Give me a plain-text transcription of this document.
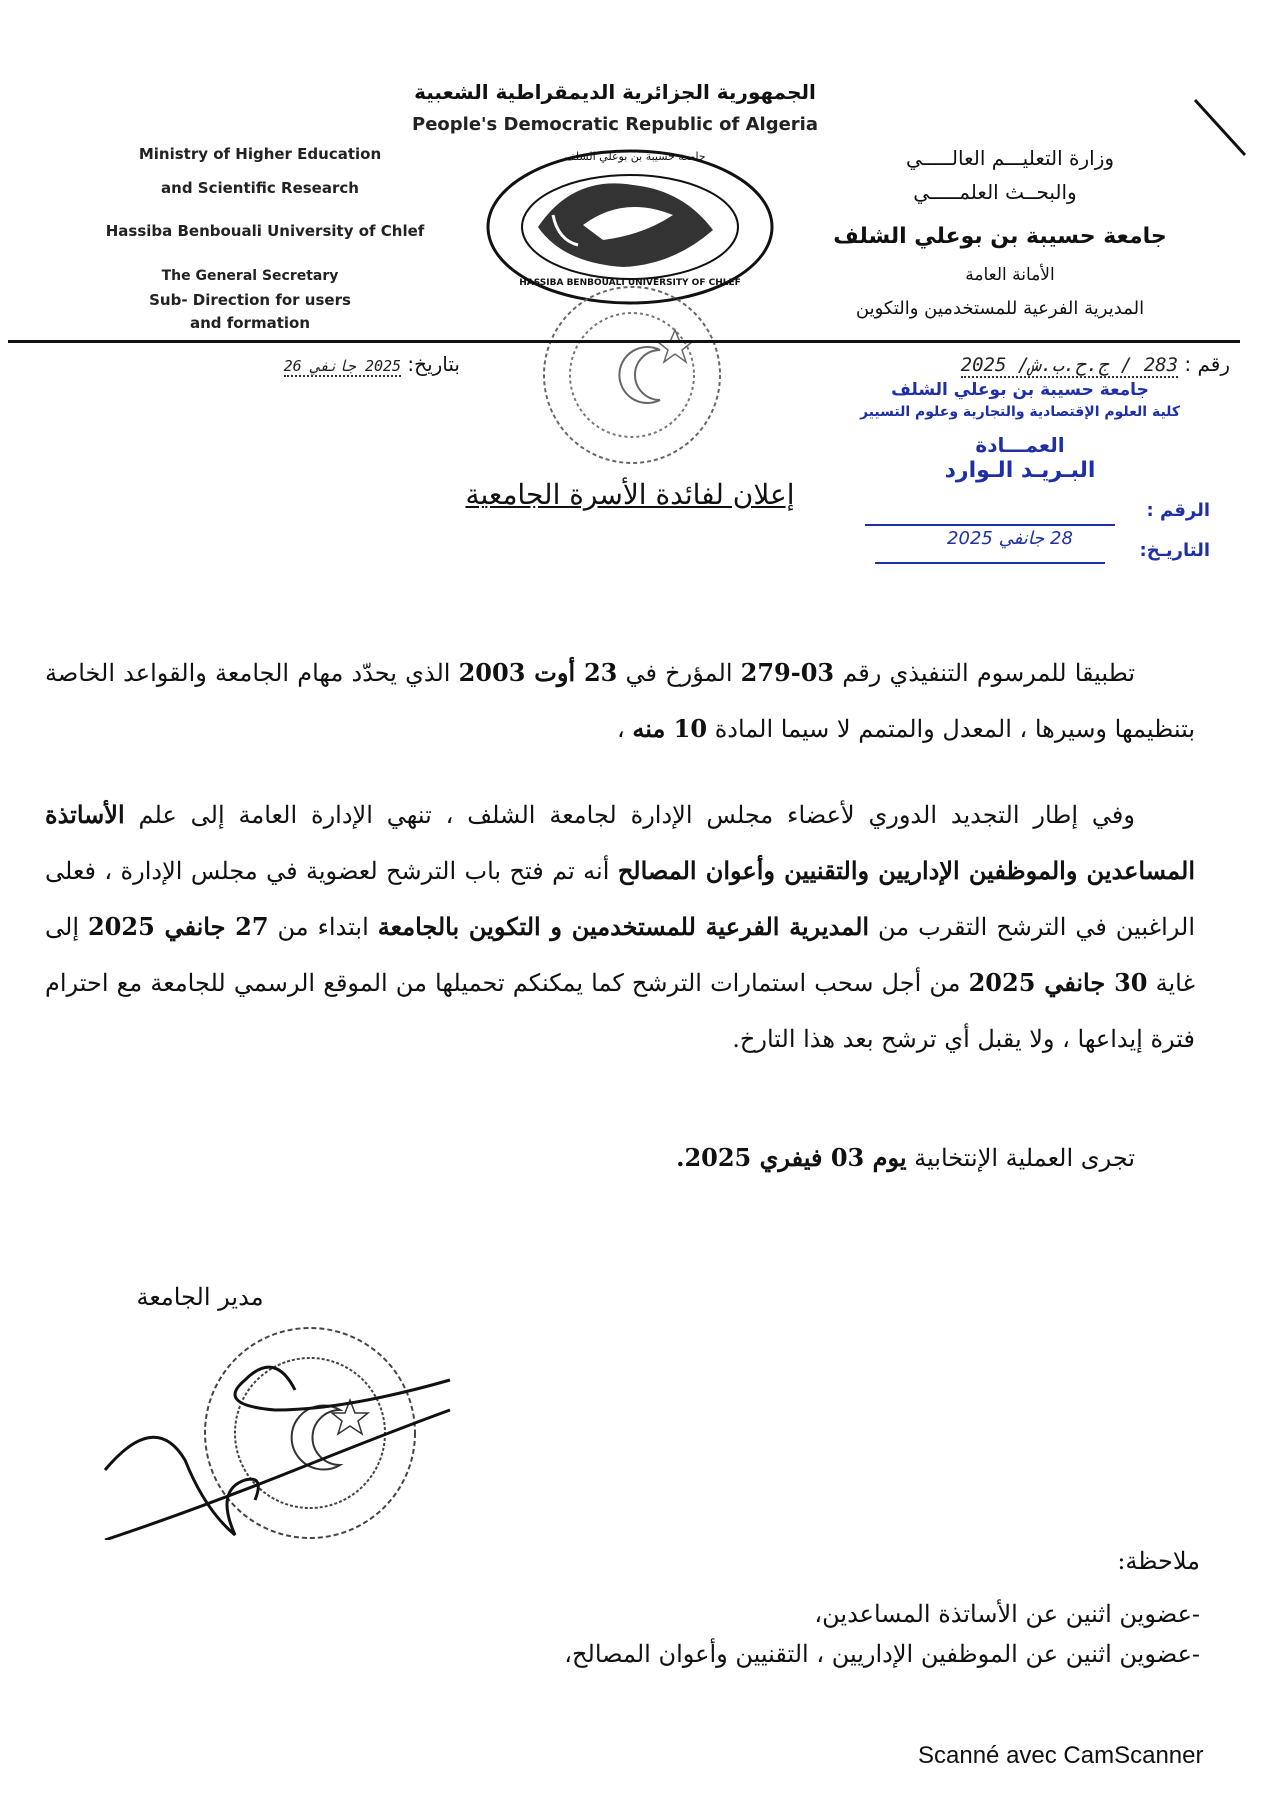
الجمهورية الجزائرية الديمقراطية الشعبية
People's Democratic Republic of Algeria
Ministry of Higher Education
and Scientific Research
Hassiba Benbouali University of Chlef
The General Secretary
Sub- Direction for users
and formation
وزارة التعليـــم العالـــــي
والبحــث العلمـــــي
جامعة حسيبة بن بوعلي الشلف
الأمانة العامة
المديرية الفرعية للمستخدمين والتكوين
جامعة حسيبة بن بوعلي الشلف
HASSIBA BENBOUALI UNIVERSITY OF CHLEF
بتاريخ: 2025 جانفي 26	رقم : 283 / ج.ح.ب.ش/ 2025
جامعة حسيبة بن بوعلي الشلف
كلية العلوم الإقتصادية والتجارية وعلوم التسيير
العمـــادة
البـريـد الـوارد
الرقم :
التاريـخ:
28 جانفي 2025
إعلان لفائدة الأسرة الجامعية
تطبيقا للمرسوم التنفيذي رقم 03-279 المؤرخ في 23 أوت 2003 الذي يحدّد مهام الجامعة والقواعد الخاصة بتنظيمها وسيرها ، المعدل والمتمم لا سيما المادة 10 منه ،
وفي إطار التجديد الدوري لأعضاء مجلس الإدارة لجامعة الشلف ، تنهي الإدارة العامة إلى علم الأساتذة المساعدين والموظفين الإداريين والتقنيين وأعوان المصالح أنه تم فتح باب الترشح لعضوية في مجلس الإدارة ، فعلى الراغبين في الترشح التقرب من المديرية الفرعية للمستخدمين و التكوين بالجامعة ابتداء من 27 جانفي 2025 إلى غاية 30 جانفي 2025 من أجل سحب استمارات الترشح كما يمكنكم تحميلها من الموقع الرسمي للجامعة مع احترام فترة إيداعها ، ولا يقبل أي ترشح بعد هذا التارخ.
تجرى العملية الإنتخابية يوم 03 فيفري 2025.
مدير الجامعة
ملاحظة:
-عضوين اثنين عن الأساتذة المساعدين،
-عضوين اثنين عن الموظفين الإداريين ، التقنيين وأعوان المصالح،
Scanné avec CamScanner
